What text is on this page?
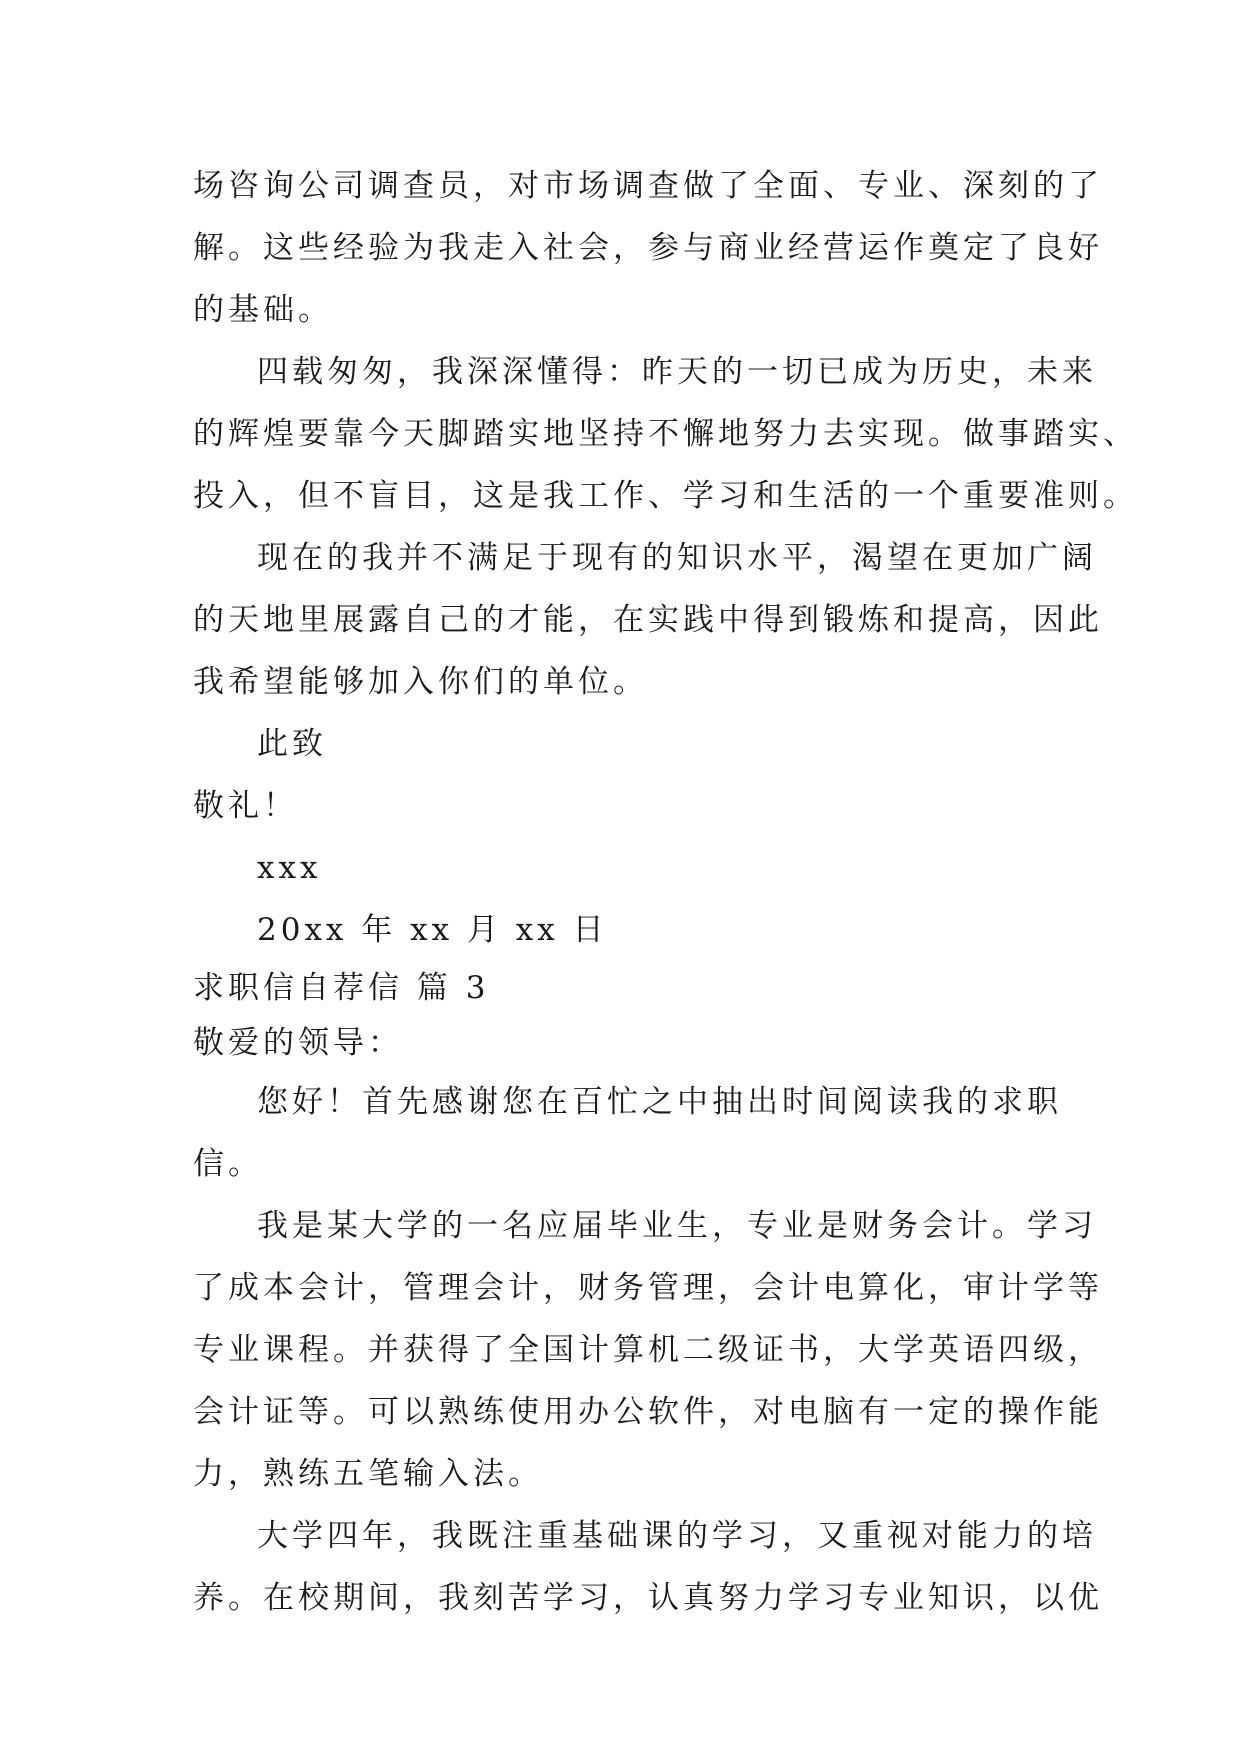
场咨询公司调查员，对市场调查做了全面、专业、深刻的了
解。这些经验为我走入社会，参与商业经营运作奠定了良好
的基础。
四载匆匆，我深深懂得：昨天的一切已成为历史，未来
的辉煌要靠今天脚踏实地坚持不懈地努力去实现。做事踏实、
投入，但不盲目，这是我工作、学习和生活的一个重要准则。
现在的我并不满足于现有的知识水平，渴望在更加广阔
的天地里展露自己的才能，在实践中得到锻炼和提高，因此
我希望能够加入你们的单位。
此致
敬礼！
xxx
20xx 年 xx 月 xx 日
求职信自荐信 篇 3
敬爱的领导：
您好！首先感谢您在百忙之中抽出时间阅读我的求职
信。
我是某大学的一名应届毕业生，专业是财务会计。学习
了成本会计，管理会计，财务管理，会计电算化，审计学等
专业课程。并获得了全国计算机二级证书，大学英语四级，
会计证等。可以熟练使用办公软件，对电脑有一定的操作能
力，熟练五笔输入法。
大学四年，我既注重基础课的学习，又重视对能力的培
养。在校期间，我刻苦学习，认真努力学习专业知识，以优
